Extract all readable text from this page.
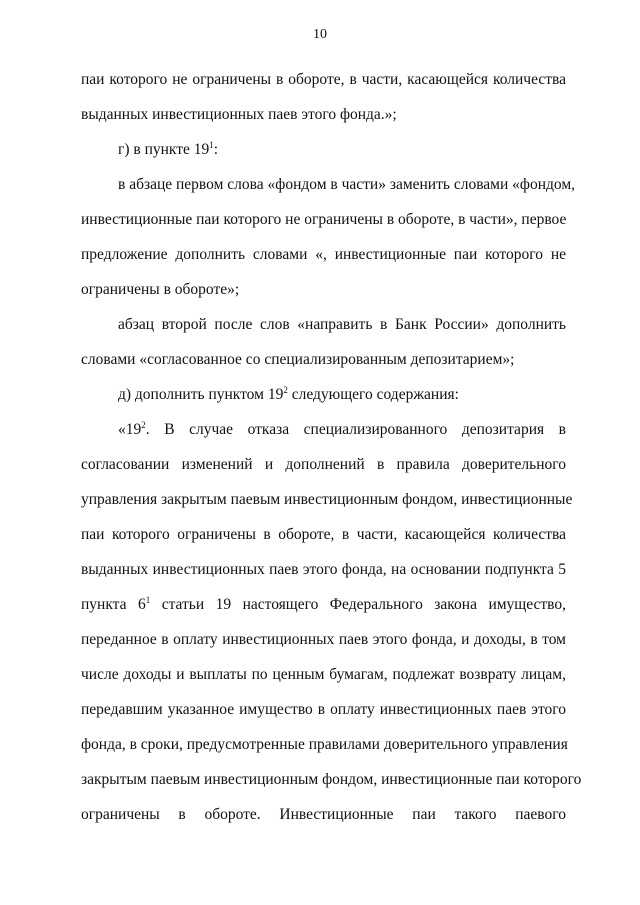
10
паи которого не ограничены в обороте, в части, касающейся количества
выданных инвестиционных паев этого фонда.»;
г) в пункте $19^1$:
в абзаце первом слова «фондом в части» заменить словами «фондом,
инвестиционные паи которого не ограничены в обороте, в части», первое
предложение дополнить словами «, инвестиционные паи которого не
ограничены в обороте»;
абзац второй после слов «направить в Банк России» дополнить
словами «согласованное со специализированным депозитарием»;
д) дополнить пунктом $19^2$ следующего содержания:
«$19^2$. В случае отказа специализированного депозитария в
согласовании изменений и дополнений в правила доверительного
управления закрытым паевым инвестиционным фондом, инвестиционные
паи которого ограничены в обороте, в части, касающейся количества
выданных инвестиционных паев этого фонда, на основании подпункта 5
пункта $6^1$ статьи 19 настоящего Федерального закона имущество,
переданное в оплату инвестиционных паев этого фонда, и доходы, в том
числе доходы и выплаты по ценным бумагам, подлежат возврату лицам,
передавшим указанное имущество в оплату инвестиционных паев этого
фонда, в сроки, предусмотренные правилами доверительного управления
закрытым паевым инвестиционным фондом, инвестиционные паи которого
ограничены в обороте. Инвестиционные паи такого паевого
